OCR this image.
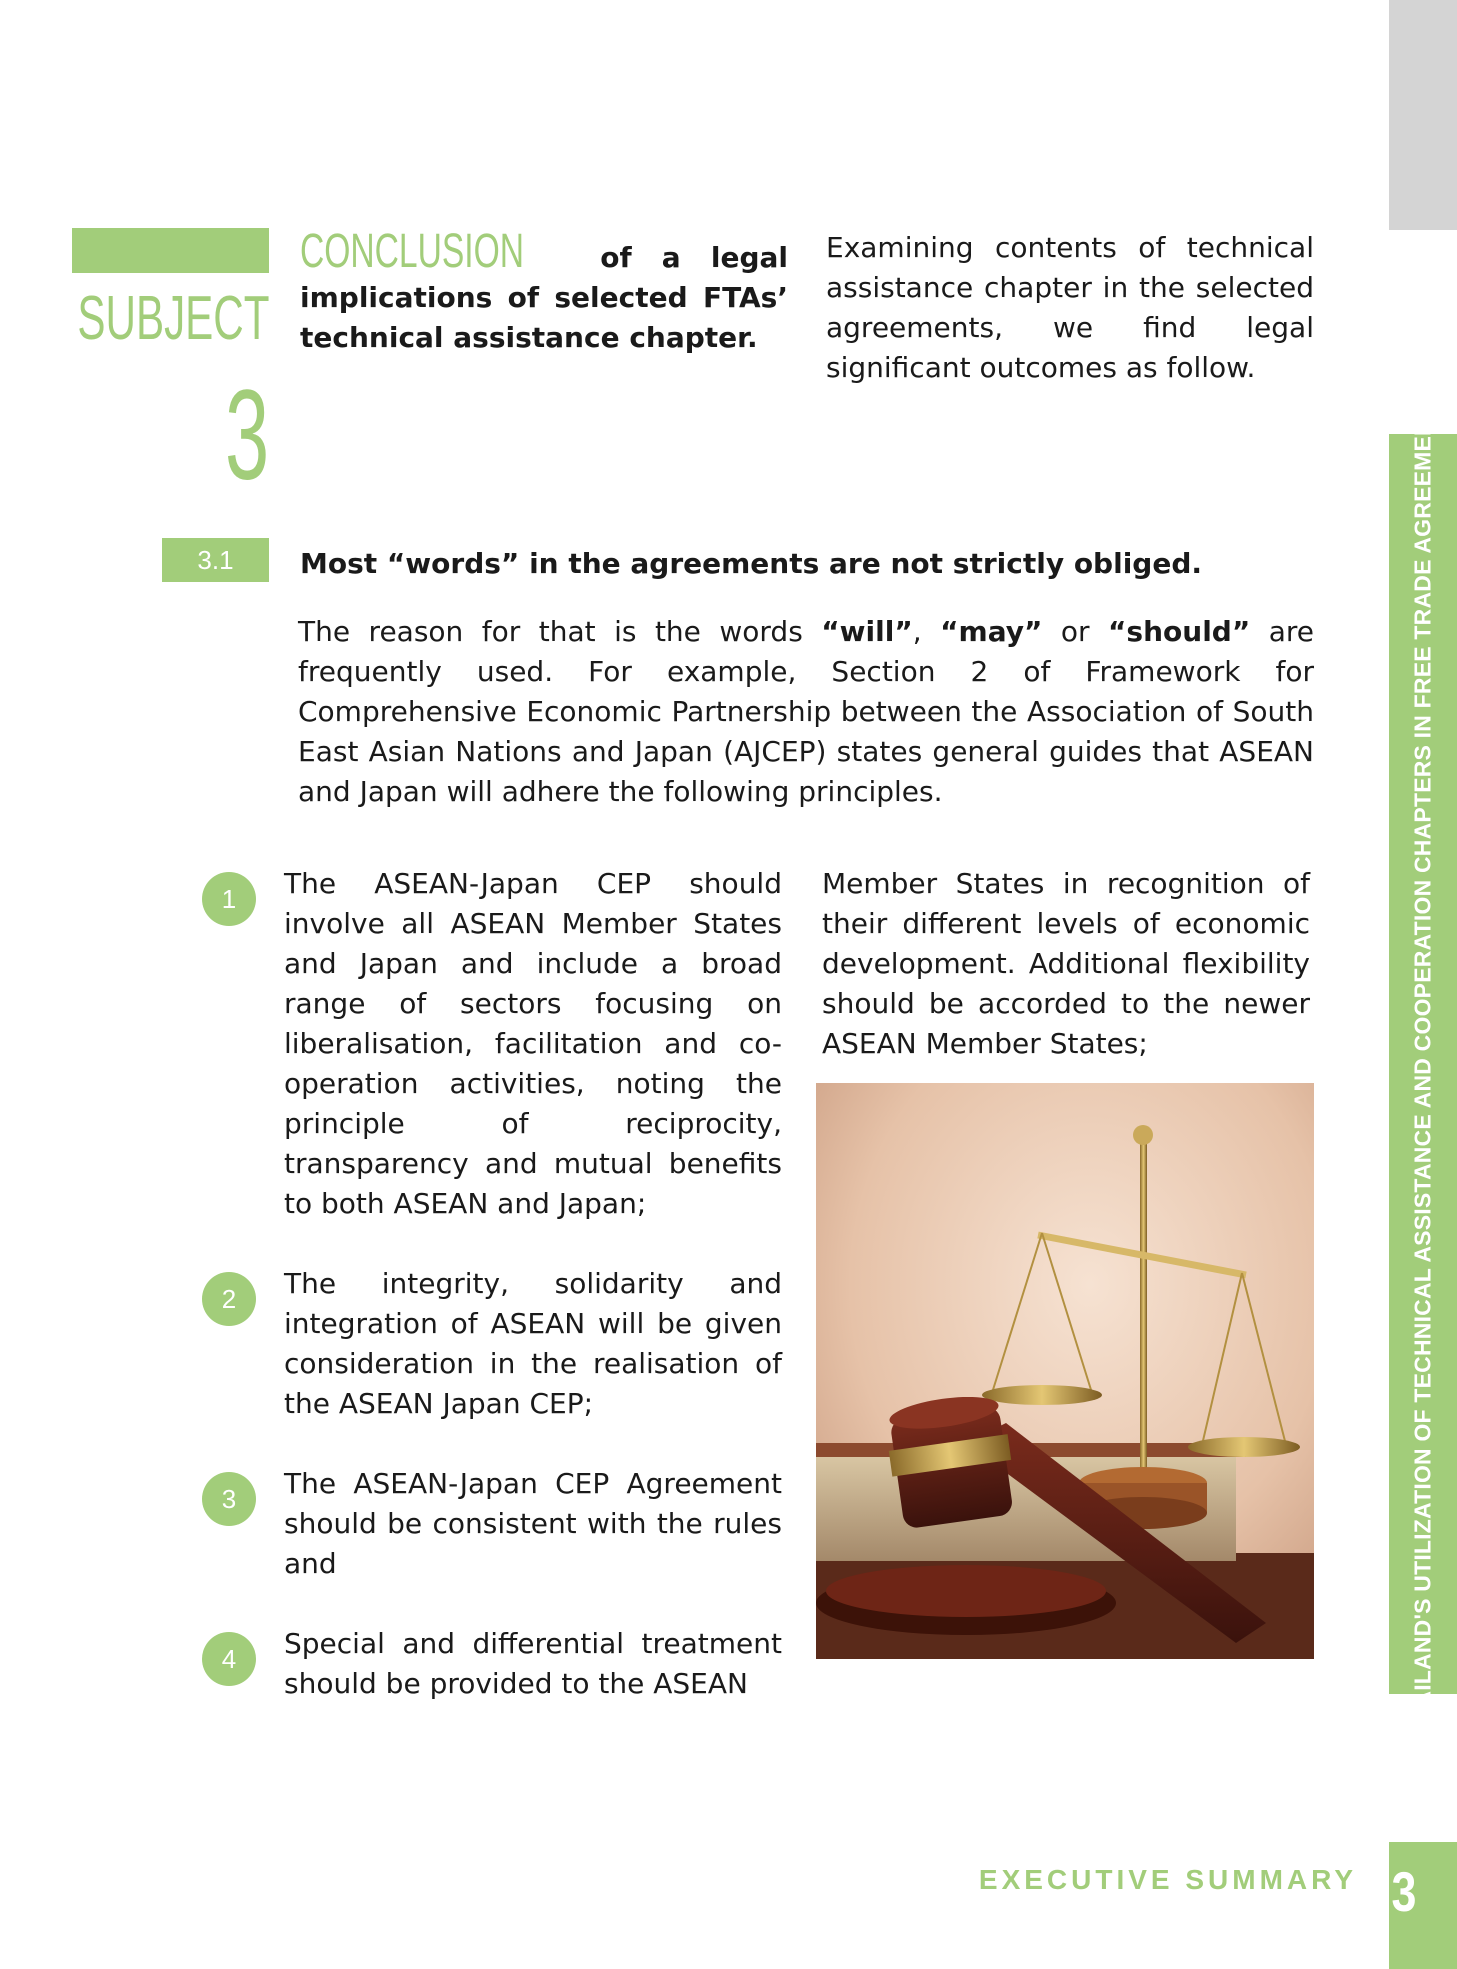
THAILAND'S UTILIZATION OF TECHNICAL ASSISTANCE AND COOPERATION CHAPTERS IN FREE TRADE AGREEMENTS
SUBJECT
3
CONCLUSION	of a legal implications of selected FTAs’ technical assistance chapter.
Examining contents of technical assistance chapter in the selected agreements, we find legal significant outcomes as follow.
3.1	Most “words” in the agreements are not strictly obliged.
The reason for that is the words “will”, “may” or “should” are frequently used. For example, Section 2 of Framework for Comprehensive Economic Partnership between the Association of South East Asian Nations and Japan (AJCEP) states general guides that ASEAN and Japan will adhere the following principles.
1	The ASEAN-Japan CEP should involve all ASEAN Member States and Japan and include a broad range of sectors focusing on liberalisation, facilitation and co-operation activities, noting the principle of reciprocity, transparency and mutual benefits to both ASEAN and Japan;
2	The integrity, solidarity and integration of ASEAN will be given consideration in the realisation of the ASEAN Japan CEP;
3	The ASEAN-Japan CEP Agreement should be consistent with the rules and
4	Special and differential treatment should be provided to the ASEAN
Member States in recognition of their different levels of economic development. Additional flexibility should be accorded to the newer ASEAN Member States;
EXECUTIVE SUMMARY 3
